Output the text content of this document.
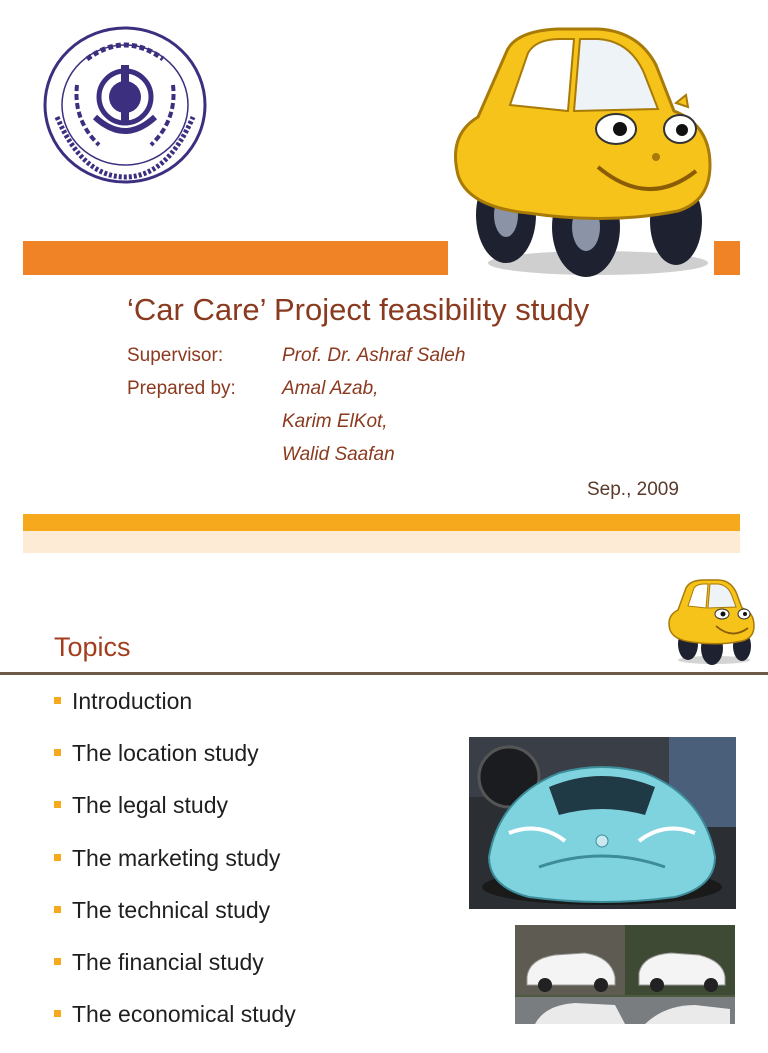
‘Car Care’ Project feasibility study
Supervisor:	Prof. Dr. Ashraf Saleh
Prepared by: Amal Azab,
Karim ElKot,
Walid Saafan
Sep., 2009
Topics
Introduction
The location study
The legal study
The marketing study
The technical study
The financial study
The economical study
